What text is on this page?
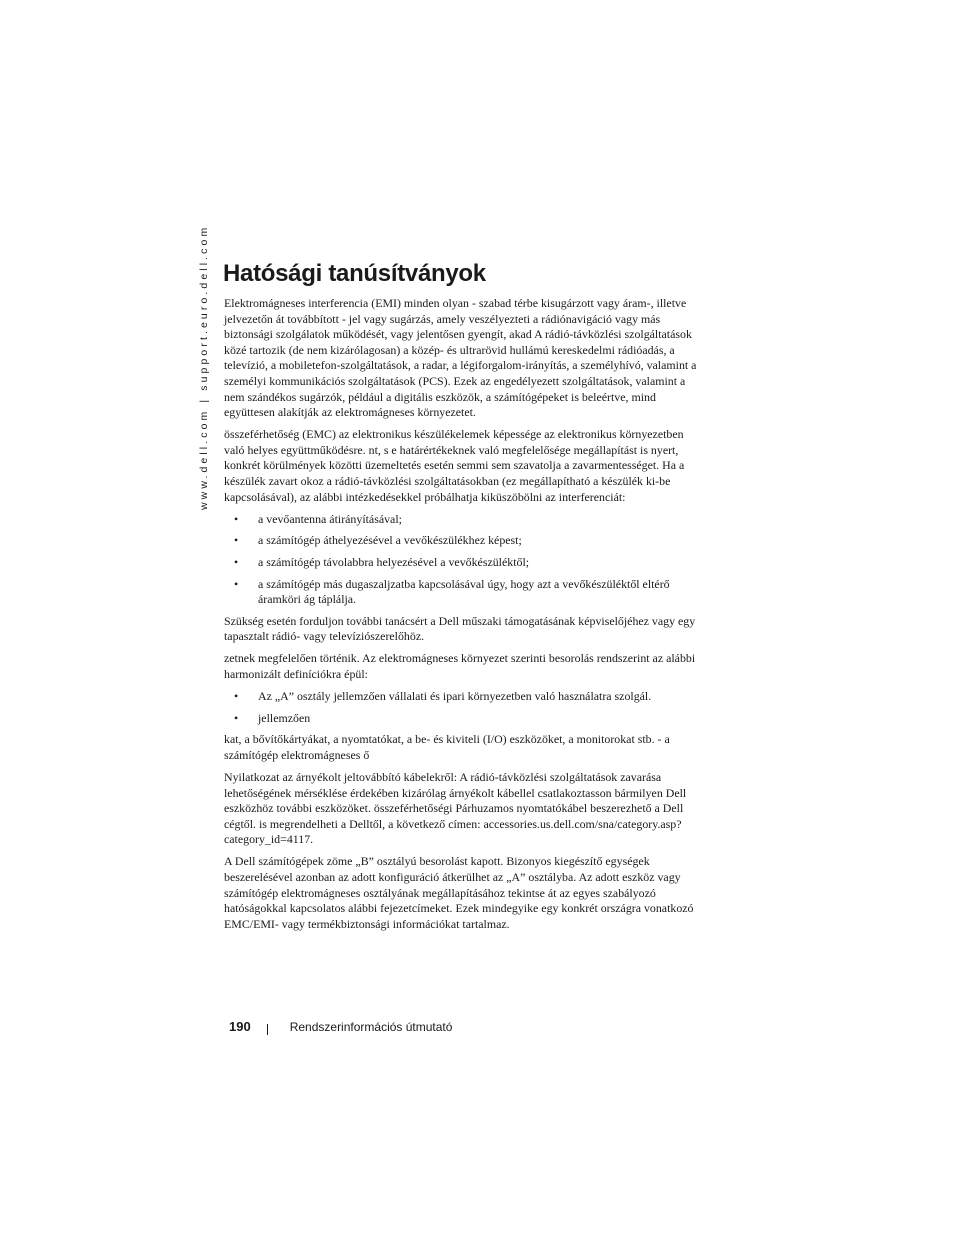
www.dell.com | support.euro.dell.com Hatósági tanúsítványok

Elektromágneses interferencia (EMI) minden olyan - szabad térbe kisugárzott vagy áram-, illetve jelvezetőn át továbbított - jel vagy sugárzás, amely veszélyezteti a rádiónavigáció vagy más biztonsági szolgálatok működését, vagy jelentősen gyengít, akad A rádió-távközlési szolgáltatások közé tartozik (de nem kizárólagosan) a közép- és ultrarövid hullámú kereskedelmi rádióadás, a televízió, a mobiletefon-szolgáltatások, a radar, a légiforgalom-irányítás, a személyhívó, valamint a személyi kommunikációs szolgáltatások (PCS). Ezek az engedélyezett szolgáltatások, valamint a nem szándékos sugárzók, például a digitális eszközök, a számítógépeket is beleértve, mind együttesen alakítják az elektromágneses környezetet.

összeférhetőség (EMC) az elektronikus készülékelemek képessége az elektronikus környezetben való helyes együttműködésre. nt, s e határértékeknek való megfelelősége megállapítást is nyert, konkrét körülmények közötti üzemeltetés esetén semmi sem szavatolja a zavarmentességet. Ha a készülék zavart okoz a rádió-távközlési szolgáltatásokban (ez megállapítható a készülék ki-be kapcsolásával), az alábbi intézkedésekkel próbálhatja kiküszöbölni az interferenciát:

• a vevőantenna átirányításával;
• a számítógép áthelyezésével a vevőkészülékhez képest;
• a számítógép távolabbra helyezésével a vevőkészüléktől;
• a számítógép más dugaszaljzatba kapcsolásával úgy, hogy azt a vevőkészüléktől eltérő áramköri ág táplálja.

Szükség esetén forduljon további tanácsért a Dell műszaki támogatásának képviselőjéhez vagy egy tapasztalt rádió- vagy televíziószerelőhöz.

zetnek megfelelően történik. Az elektromágneses környezet szerinti besorolás rendszerint az alábbi harmonizált definíciókra épül:

• Az „A” osztály jellemzően vállalati és ipari környezetben való használatra szolgál.
• jellemzően

kat, a bővítőkártyákat, a nyomtatókat, a be- és kiviteli (I/O) eszközöket, a monitorokat stb. - a számítógép elektromágneses ő

Nyilatkozat az árnyékolt jeltovábbító kábelekről: A rádió-távközlési szolgáltatások zavarása lehetőségének mérséklése érdekében kizárólag árnyékolt kábellel csatlakoztasson bármilyen Dell eszközhöz további eszközöket. összeférhetőségi Párhuzamos nyomtatókábel beszerezhető a Dell cégtől. is megrendelheti a Delltől, a következő címen: accessories.us.dell.com/sna/category.asp?category_id=4117.

A Dell számítógépek zöme „B” osztályú besorolást kapott. Bizonyos kiegészítő egységek beszerelésével azonban az adott konfiguráció átkerülhet az „A” osztályba. Az adott eszköz vagy számítógép elektromágneses osztályának megállapításához tekintse át az egyes szabályozó hatóságokkal kapcsolatos alábbi fejezetcímeket. Ezek mindegyike egy konkrét országra vonatkozó EMC/EMI- vagy termékbiztonsági információkat tartalmaz.

190	Rendszerinformációs útmutató
